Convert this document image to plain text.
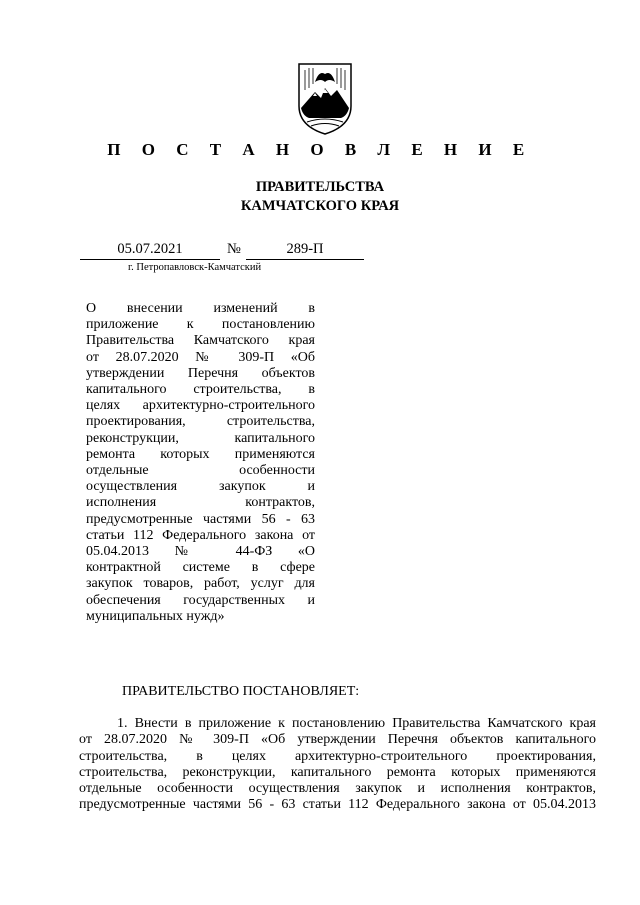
П О С Т А Н О В Л Е Н И Е
ПРАВИТЕЛЬСТВА
КАМЧАТСКОГО КРАЯ
05.07.2021	№	289-П
г. Петропавловск-Камчатский

О внесении изменений в

приложение к постановлению

Правительства Камчатского края

от 28.07.2020 № 309-П «Об

утверждении Перечня объектов

капитального строительства, в

целях архитектурно-строительного

проектирования, строительства,

реконструкции, капитального

ремонта которых применяются

отдельные особенности

осуществления закупок и

исполнения контрактов,

предусмотренные частями 56 - 63

статьи 112 Федерального закона от

05.04.2013 № 44-ФЗ «О

контрактной системе в сфере

закупок товаров, работ, услуг для

обеспечения государственных и

муниципальных нужд»

ПРАВИТЕЛЬСТВО ПОСТАНОВЛЯЕТ:

1. Внести в приложение к постановлению Правительства Камчатского края

от 28.07.2020 № 309-П «Об утверждении Перечня объектов капитального

строительства, в целях архитектурно-строительного проектирования,

строительства, реконструкции, капитального ремонта которых применяются

отдельные особенности осуществления закупок и исполнения контрактов,

предусмотренные частями 56 - 63 статьи 112 Федерального закона от 05.04.2013
